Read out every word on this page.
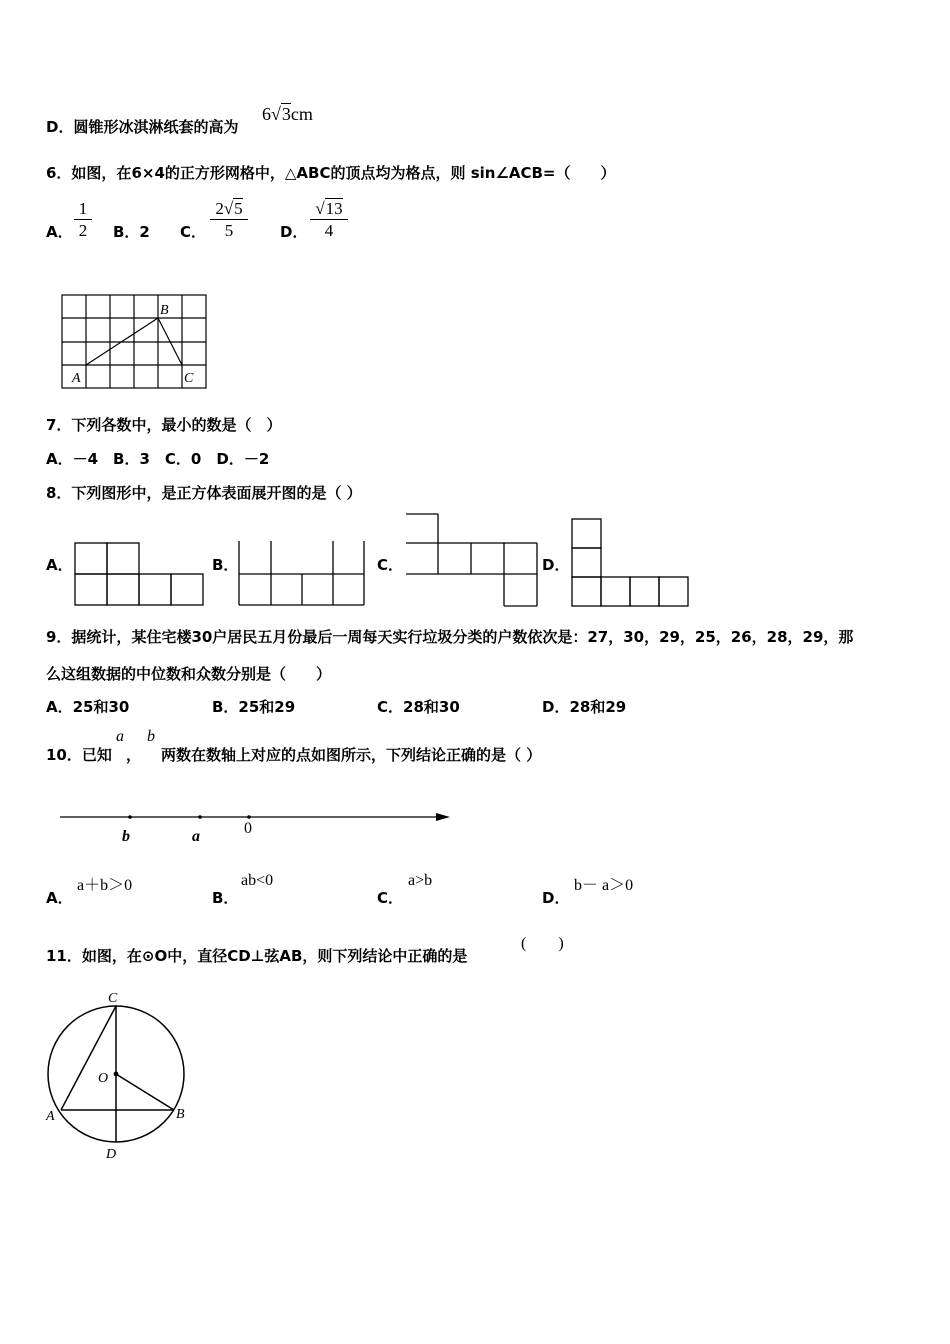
D．圆锥形冰淇淋纸套的高为
6√3cm
6．如图，在6×4的正方形网格中，△ABC的顶点均为格点，则 sin∠ACB=（　　）
A． $\frac{1}{2}$ B．2 C． $\frac{2√5}{5}$ D． $\frac{√13}{4}$
A
B
C
7．下列各数中，最小的数是（　）
A．－4　B．3　C．0　D．－2
8．下列图形中，是正方体表面展开图的是（ ）
A．	B．	C．	D．
9．据统计，某住宅楼30户居民五月份最后一周每天实行垃圾分类的户数依次是：27，30，29，25，26，28，29，那
么这组数据的中位数和众数分别是（　　）
A．25和30	B．25和29	C．28和30	D．28和29
10．已知
a
，
b
两数在数轴上对应的点如图所示，下列结论正确的是（ ）
b	a	0
A．
a＋b＞0
B．
ab<0
C．
a>b
D．
b－ a＞0
11．如图，在⊙O中，直径CD⊥弦AB，则下列结论中正确的是
(　　)
C
O
A	B
D
